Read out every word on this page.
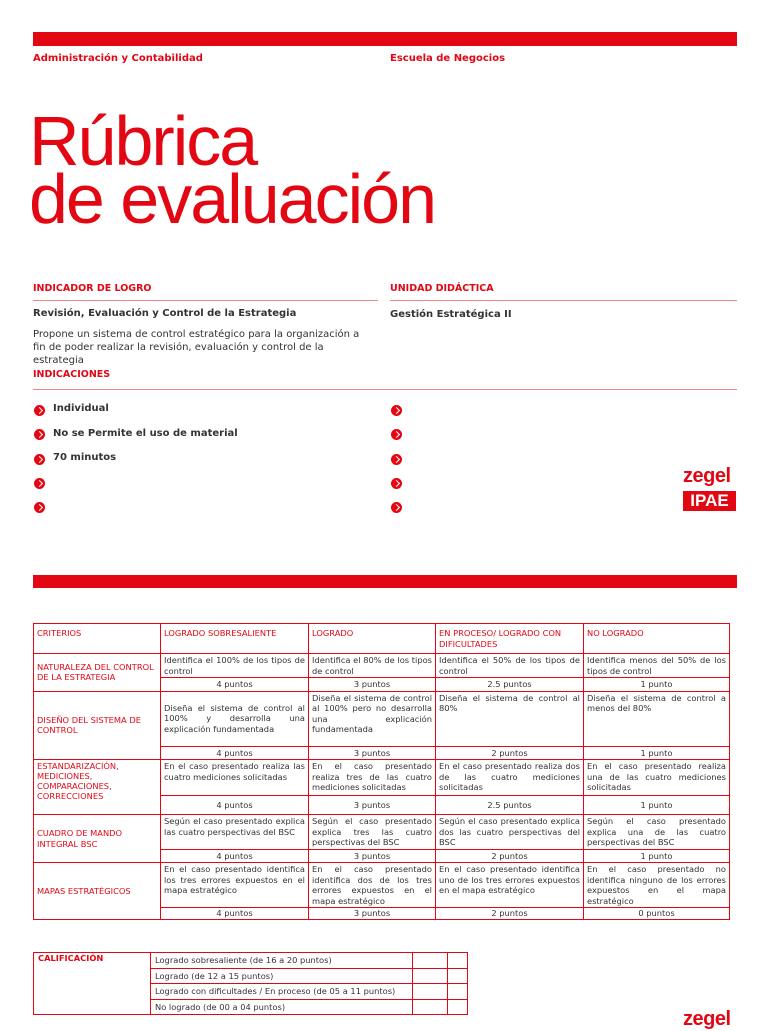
Administración y Contabilidad	Escuela de Negocios
Rúbrica
de evaluación
INDICADOR DE LOGRO	UNIDAD DIDÁCTICA
Revisión, Evaluación y Control de la Estrategia	Gestión Estratégica II
Propone un sistema de control estratégico para la organización a fin de poder realizar la revisión, evaluación y control de la estrategia
INDICACIONES
Individual
No se Permite el uso de material
70 minutos
zegel
IPAE
CRITERIOS	LOGRADO SOBRESALIENTE	LOGRADO	EN PROCESO/ LOGRADO CON DIFICULTADES	NO LOGRADO
NATURALEZA DEL CONTROL DE LA ESTRATEGIA	Identifica el 100% de los tipos de control	Identifica el 80% de los tipos de control	Identifica el 50% de los tipos de control	Identifica menos del 50% de los tipos de control
	4 puntos	3 puntos	2.5 puntos	1 punto
DISEÑO DEL SISTEMA DE CONTROL	Diseña el sistema de control al 100% y desarrolla una explicación fundamentada	Diseña el sistema de control al 100% pero no desarrolla una explicación fundamentada	Diseña el sistema de control al 80%	Diseña el sistema de control a menos del 80%
	4 puntos	3 puntos	2 puntos	1 punto
ESTANDARIZACIÓN, MEDICIONES, COMPARACIONES, CORRECCIONES	En el caso presentado realiza las cuatro mediciones solicitadas	En el caso presentado realiza tres de las cuatro mediciones solicitadas	En el caso presentado realiza dos de las cuatro mediciones solicitadas	En el caso presentado realiza una de las cuatro mediciones solicitadas
	4 puntos	3 puntos	2.5 puntos	1 punto
CUADRO DE MANDO INTEGRAL BSC	Según el caso presentado explica las cuatro perspectivas del BSC	Según el caso presentado explica tres las cuatro perspectivas del BSC	Según el caso presentado explica dos las cuatro perspectivas del BSC	Según el caso presentado explica una de las cuatro perspectivas del BSC
	4 puntos	3 puntos	2 puntos	1 punto
MAPAS ESTRATÉGICOS	En el caso presentado identifica los tres errores expuestos en el mapa estratégico	En el caso presentado identifica dos de los tres errores expuestos en el mapa estratégico	En el caso presentado identifica uno de los tres errores expuestos en el mapa estratégico	En el caso presentado no identifica ninguno de los errores expuestos en el mapa estratégico
	4 puntos	3 puntos	2 puntos	0 puntos
CALIFICACIÓN	Logrado sobresaliente (de 16 a 20 puntos)		
	Logrado (de 12 a 15 puntos)		
	Logrado con dificultades / En proceso (de 05 a 11 puntos)		
	No logrado (de 00 a 04 puntos)		
zegel
